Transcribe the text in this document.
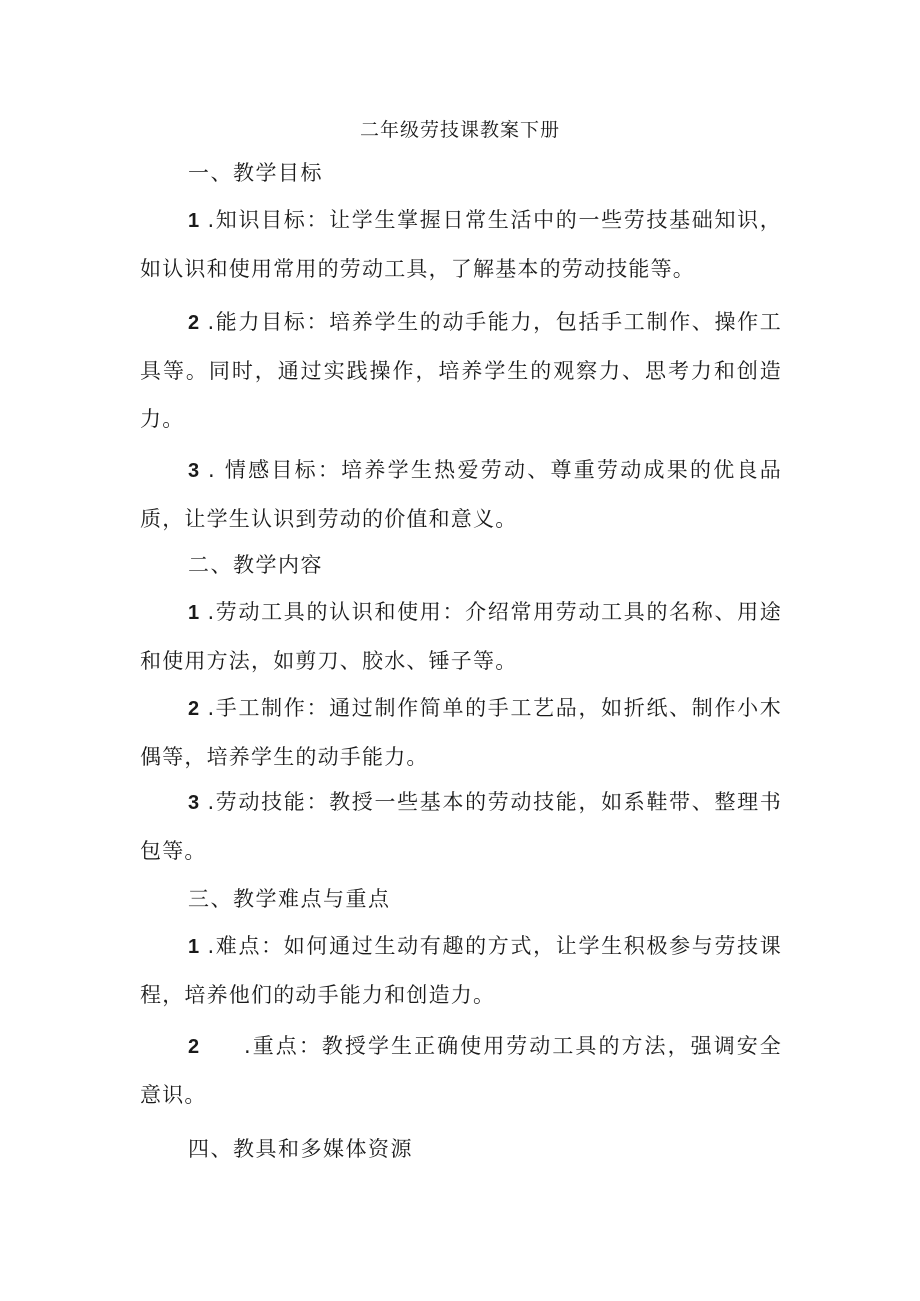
二年级劳技课教案下册
一、教学目标
1 .知识目标：让学生掌握日常生活中的一些劳技基础知识，如认识和使用常用的劳动工具，了解基本的劳动技能等。
2 .能力目标：培养学生的动手能力，包括手工制作、操作工具等。同时，通过实践操作，培养学生的观察力、思考力和创造力。
3 . 情感目标：培养学生热爱劳动、尊重劳动成果的优良品质，让学生认识到劳动的价值和意义。
二、教学内容
1 .劳动工具的认识和使用：介绍常用劳动工具的名称、用途和使用方法，如剪刀、胶水、锤子等。
2 .手工制作：通过制作简单的手工艺品，如折纸、制作小木偶等，培养学生的动手能力。
3 .劳动技能：教授一些基本的劳动技能，如系鞋带、整理书包等。
三、教学难点与重点
1 .难点：如何通过生动有趣的方式，让学生积极参与劳技课程，培养他们的动手能力和创造力。
2 .重点：教授学生正确使用劳动工具的方法，强调安全意识。
四、教具和多媒体资源
